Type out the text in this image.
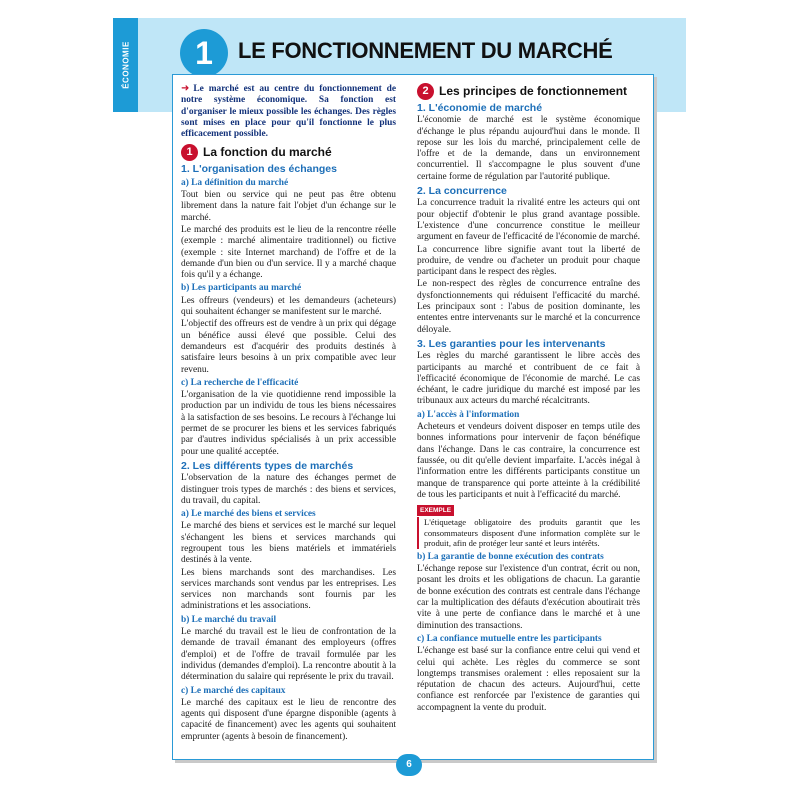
ÉCONOMIE	1	LE FONCTIONNEMENT DU MARCHÉ

➜ Le marché est au centre du fonctionnement de notre système économique. Sa fonction est d'organiser le mieux possible les échanges. Des règles sont mises en place pour qu'il fonctionne le plus efficacement possible.

1 La fonction du marché
1. L'organisation des échanges
a) La définition du marché

Tout bien ou service qui ne peut pas être obtenu librement dans la nature fait l'objet d'un échange sur le marché.

Le marché des produits est le lieu de la rencontre réelle (exemple : marché alimentaire traditionnel) ou fictive (exemple : site Internet marchand) de l'offre et de la demande d'un bien ou d'un service. Il y a marché chaque fois qu'il y a échange.

b) Les participants au marché

Les offreurs (vendeurs) et les demandeurs (acheteurs) qui souhaitent échanger se manifestent sur le marché.

L'objectif des offreurs est de vendre à un prix qui dégage un bénéfice aussi élevé que possible. Celui des demandeurs est d'acquérir des produits destinés à satisfaire leurs besoins à un prix compatible avec leur revenu.

c) La recherche de l'efficacité

L'organisation de la vie quotidienne rend impossible la production par un individu de tous les biens nécessaires à la satisfaction de ses besoins. Le recours à l'échange lui permet de se procurer les biens et les services fabriqués par d'autres individus spécialisés à un prix accessible pour une qualité acceptée.

2. Les différents types de marchés

L'observation de la nature des échanges permet de distinguer trois types de marchés : des biens et services, du travail, du capital.

a) Le marché des biens et services

Le marché des biens et services est le marché sur lequel s'échangent les biens et services marchands qui regroupent tous les biens matériels et immatériels destinés à la vente.

Les biens marchands sont des marchandises. Les services marchands sont vendus par les entreprises. Les services non marchands sont fournis par les administrations et les associations.

b) Le marché du travail

Le marché du travail est le lieu de confrontation de la demande de travail émanant des employeurs (offres d'emploi) et de l'offre de travail formulée par les individus (demandes d'emploi). La rencontre aboutit à la détermination du salaire qui représente le prix du travail.

c) Le marché des capitaux

Le marché des capitaux est le lieu de rencontre des agents qui disposent d'une épargne disponible (agents à capacité de financement) avec les agents qui souhaitent emprunter (agents à besoin de financement).

2 Les principes de fonctionnement
1. L'économie de marché

L'économie de marché est le système économique d'échange le plus répandu aujourd'hui dans le monde. Il repose sur les lois du marché, principalement celle de l'offre et de la demande, dans un environnement concurrentiel. Il s'accompagne le plus souvent d'une certaine forme de régulation par l'autorité publique.

2. La concurrence

La concurrence traduit la rivalité entre les acteurs qui ont pour objectif d'obtenir le plus grand avantage possible. L'existence d'une concurrence constitue le meilleur argument en faveur de l'efficacité de l'économie de marché.

La concurrence libre signifie avant tout la liberté de produire, de vendre ou d'acheter un produit pour chaque participant dans le respect des règles.

Le non-respect des règles de concurrence entraîne des dysfonctionnements qui réduisent l'efficacité du marché. Les principaux sont : l'abus de position dominante, les ententes entre intervenants sur le marché et la concurrence déloyale.

3. Les garanties pour les intervenants

Les règles du marché garantissent le libre accès des participants au marché et contribuent de ce fait à l'efficacité économique de l'économie de marché. Le cas échéant, le cadre juridique du marché est imposé par les tribunaux aux acteurs du marché récalcitrants.

a) L'accès à l'information

Acheteurs et vendeurs doivent disposer en temps utile des bonnes informations pour intervenir de façon bénéfique dans l'échange. Dans le cas contraire, la concurrence est faussée, ou dit qu'elle devient imparfaite. L'accès inégal à l'information entre les différents participants constitue un manque de transparence qui porte atteinte à la crédibilité de tous les participants et nuit à l'efficacité du marché.

EXEMPLE
L'étiquetage obligatoire des produits garantit que les consommateurs disposent d'une information complète sur le produit, afin de protéger leur santé et leurs intérêts.
b) La garantie de bonne exécution des contrats

L'échange repose sur l'existence d'un contrat, écrit ou non, posant les droits et les obligations de chacun. La garantie de bonne exécution des contrats est centrale dans l'échange car la multiplication des défauts d'exécution aboutirait très vite à une perte de confiance dans le marché et à une diminution des transactions.

c) La confiance mutuelle entre les participants

L'échange est basé sur la confiance entre celui qui vend et celui qui achète. Les règles du commerce se sont longtemps transmises oralement : elles reposaient sur la réputation de chacun des acteurs. Aujourd'hui, cette confiance est renforcée par l'existence de garanties qui accompagnent la vente du produit.

6
